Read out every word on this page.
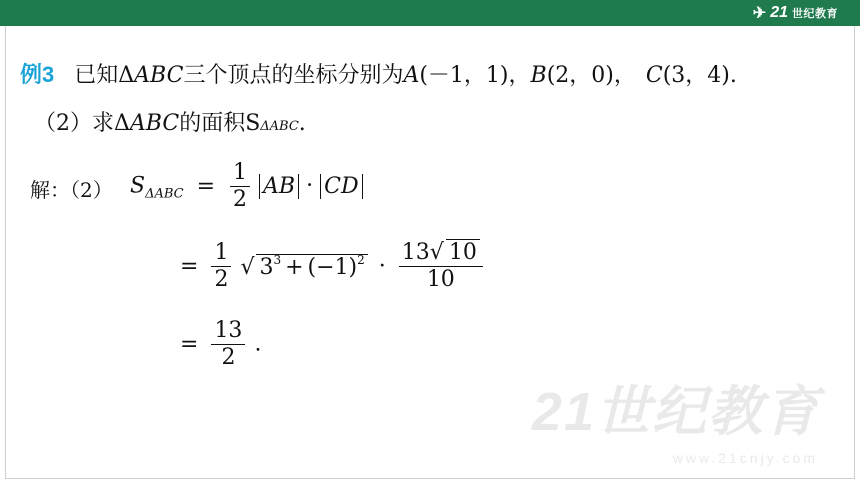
✈ 21 世纪教育
例3 已知Δ ABC 三个顶点的坐标分别为 A (－1，1)， B (2，0)， C (3，4).
（2）求Δ ABC 的面积S ΔABC .
解：（2） $S_{\Delta ABC} = \frac{1}{2}$ AB · CD
= $\frac{1}{2}$ √ $3^3 + (-1)^2 \cdot \frac{13√ 10}{10}$
= $\frac{13}{2}$ .
21世纪教育
www.21cnjy.com
